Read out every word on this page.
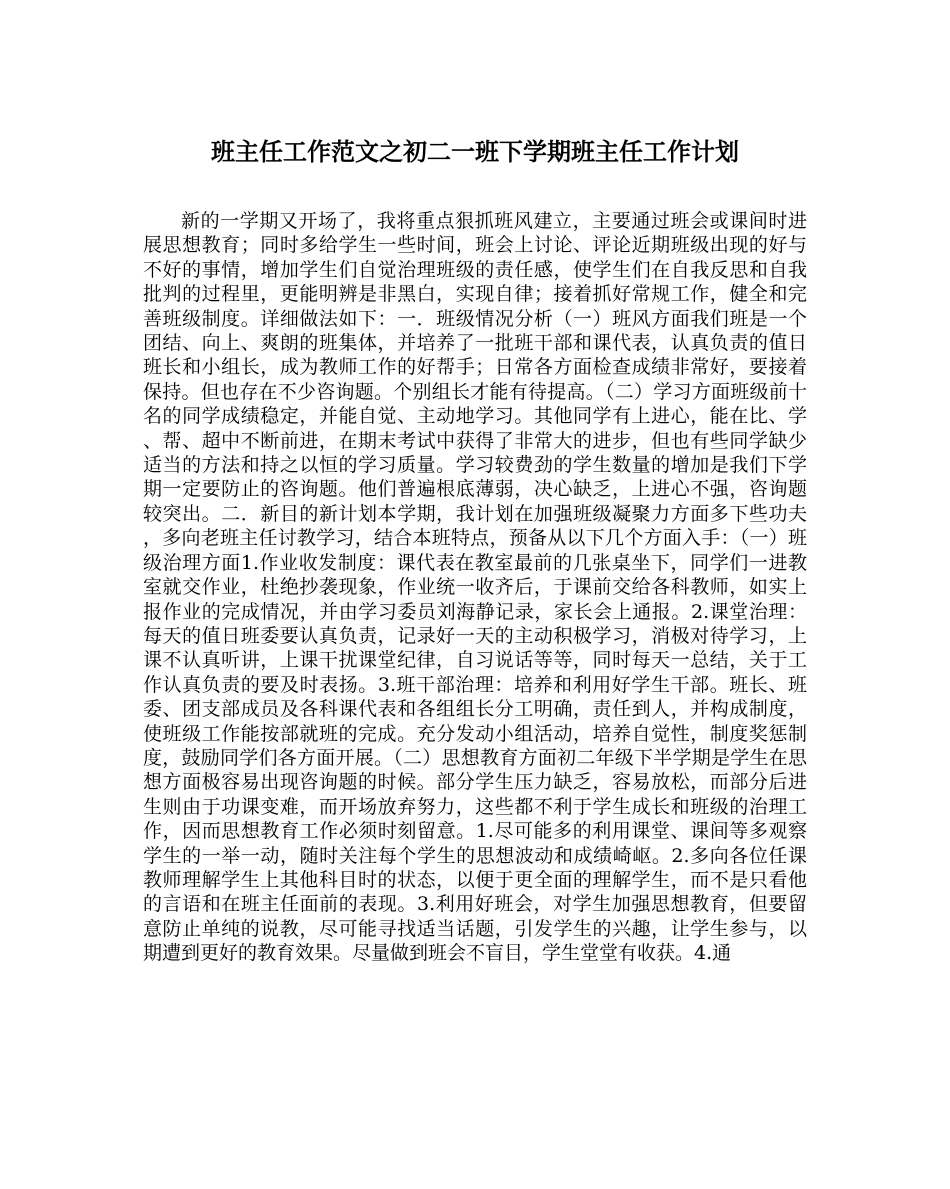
班主任工作范文之初二一班下学期班主任工作计划

新的一学期又开场了，我将重点狠抓班风建立，主要通过班会或课间时进展思想教育；同时多给学生一些时间，班会上讨论、评论近期班级出现的好与不好的事情，增加学生们自觉治理班级的责任感，使学生们在自我反思和自我批判的过程里，更能明辨是非黑白，实现自律；接着抓好常规工作，健全和完善班级制度。详细做法如下：一．班级情况分析（一）班风方面我们班是一个团结、向上、爽朗的班集体，并培养了一批班干部和课代表，认真负责的值日班长和小组长，成为教师工作的好帮手；日常各方面检查成绩非常好，要接着保持。但也存在不少咨询题。个别组长才能有待提高。（二）学习方面班级前十名的同学成绩稳定，并能自觉、主动地学习。其他同学有上进心，能在比、学、帮、超中不断前进，在期末考试中获得了非常大的进步，但也有些同学缺少适当的方法和持之以恒的学习质量。学习较费劲的学生数量的增加是我们下学期一定要防止的咨询题。他们普遍根底薄弱，决心缺乏，上进心不强，咨询题较突出。二．新目的新计划本学期，我计划在加强班级凝聚力方面多下些功夫，多向老班主任讨教学习，结合本班特点，预备从以下几个方面入手：（一）班级治理方面1.作业收发制度：课代表在教室最前的几张桌坐下，同学们一进教室就交作业，杜绝抄袭现象，作业统一收齐后，于课前交给各科教师，如实上报作业的完成情况，并由学习委员刘海静记录，家长会上通报。2.课堂治理：每天的值日班委要认真负责，记录好一天的主动积极学习，消极对待学习，上课不认真听讲，上课干扰课堂纪律，自习说话等等，同时每天一总结，关于工作认真负责的要及时表扬。3.班干部治理：培养和利用好学生干部。班长、班委、团支部成员及各科课代表和各组组长分工明确，责任到人，并构成制度，使班级工作能按部就班的完成。充分发动小组活动，培养自觉性，制度奖惩制度，鼓励同学们各方面开展。（二）思想教育方面初二年级下半学期是学生在思想方面极容易出现咨询题的时候。部分学生压力缺乏，容易放松，而部分后进生则由于功课变难，而开场放弃努力，这些都不利于学生成长和班级的治理工作，因而思想教育工作必须时刻留意。1.尽可能多的利用课堂、课间等多观察学生的一举一动，随时关注每个学生的思想波动和成绩崎岖。2.多向各位任课教师理解学生上其他科目时的状态，以便于更全面的理解学生，而不是只看他的言语和在班主任面前的表现。3.利用好班会，对学生加强思想教育，但要留意防止单纯的说教，尽可能寻找适当话题，引发学生的兴趣，让学生参与，以期遭到更好的教育效果。尽量做到班会不盲目，学生堂堂有收获。4.通
